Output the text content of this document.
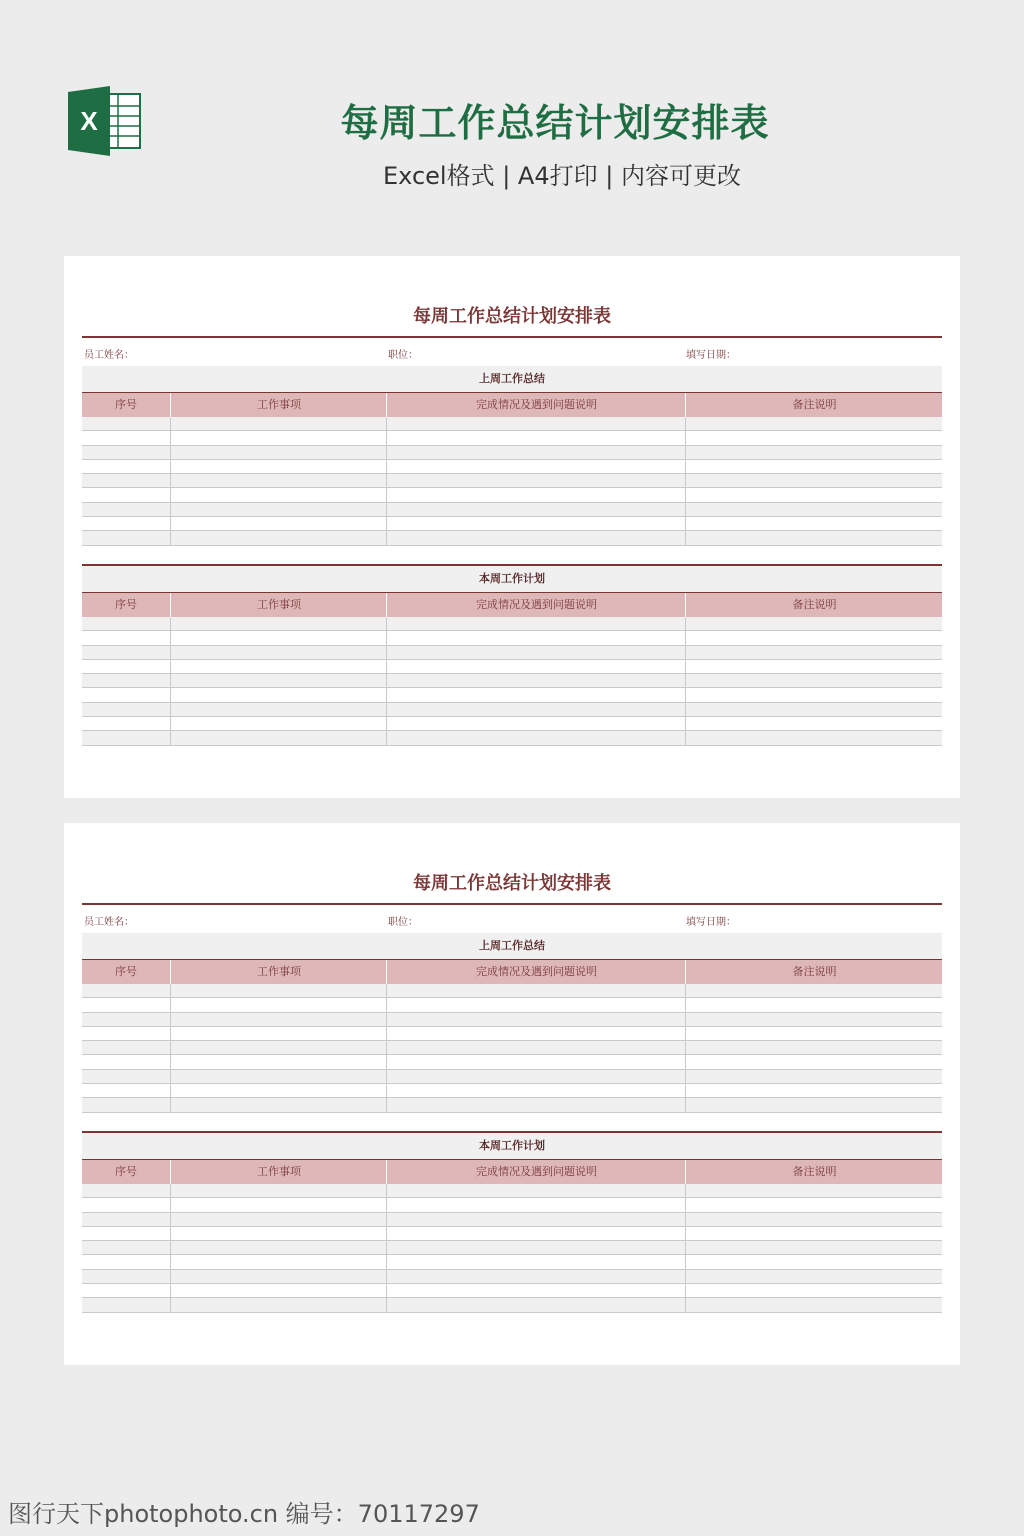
X	每周工作总结计划安排表
Excel格式 | A4打印 | 内容可更改
每周工作总结计划安排表
员工姓名：	职位：	填写日期：
上周工作总结
序号	工作事项	完成情况及遇到问题说明	备注说明
本周工作计划
序号	工作事项	完成情况及遇到问题说明	备注说明
每周工作总结计划安排表
员工姓名：	职位：	填写日期：
上周工作总结
序号	工作事项	完成情况及遇到问题说明	备注说明
本周工作计划
序号	工作事项	完成情况及遇到问题说明	备注说明
图行天下photophoto.cn 编号：70117297
